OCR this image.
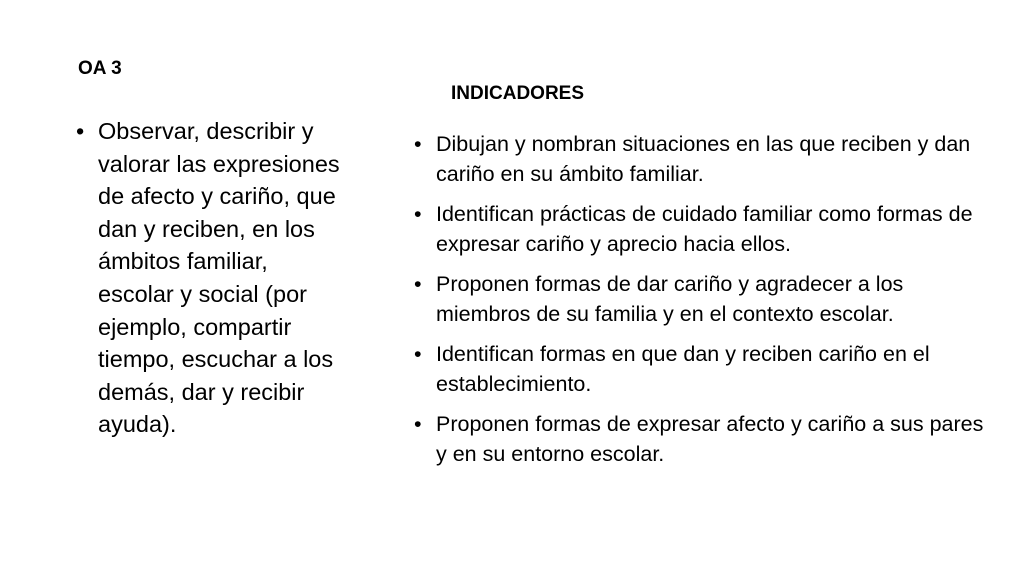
OA 3
INDICADORES
• Observar, describir y valorar las expresiones de afecto y cariño, que dan y reciben, en los ámbitos familiar, escolar y social (por ejemplo, compartir tiempo, escuchar a los demás, dar y recibir ayuda).
• Dibujan y nombran situaciones en las que reciben y dan cariño en su ámbito familiar.
• Identifican prácticas de cuidado familiar como formas de expresar cariño y aprecio hacia ellos.
• Proponen formas de dar cariño y agradecer a los miembros de su familia y en el contexto escolar.
• Identifican formas en que dan y reciben cariño en el establecimiento.
• Proponen formas de expresar afecto y cariño a sus pares y en su entorno escolar.
